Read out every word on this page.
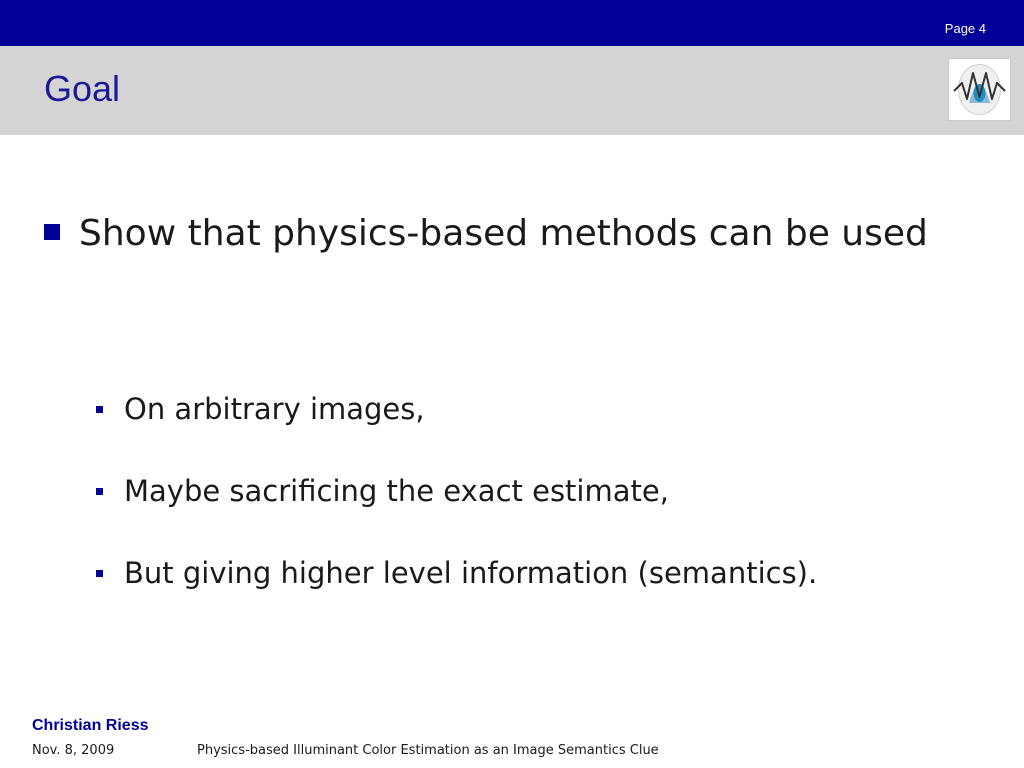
Page 4
Goal
Show that physics-based methods can be used
On arbitrary images,
Maybe sacrificing the exact estimate,
But giving higher level information (semantics).
Christian Riess
Nov. 8, 2009	Physics-based Illuminant Color Estimation as an Image Semantics Clue
